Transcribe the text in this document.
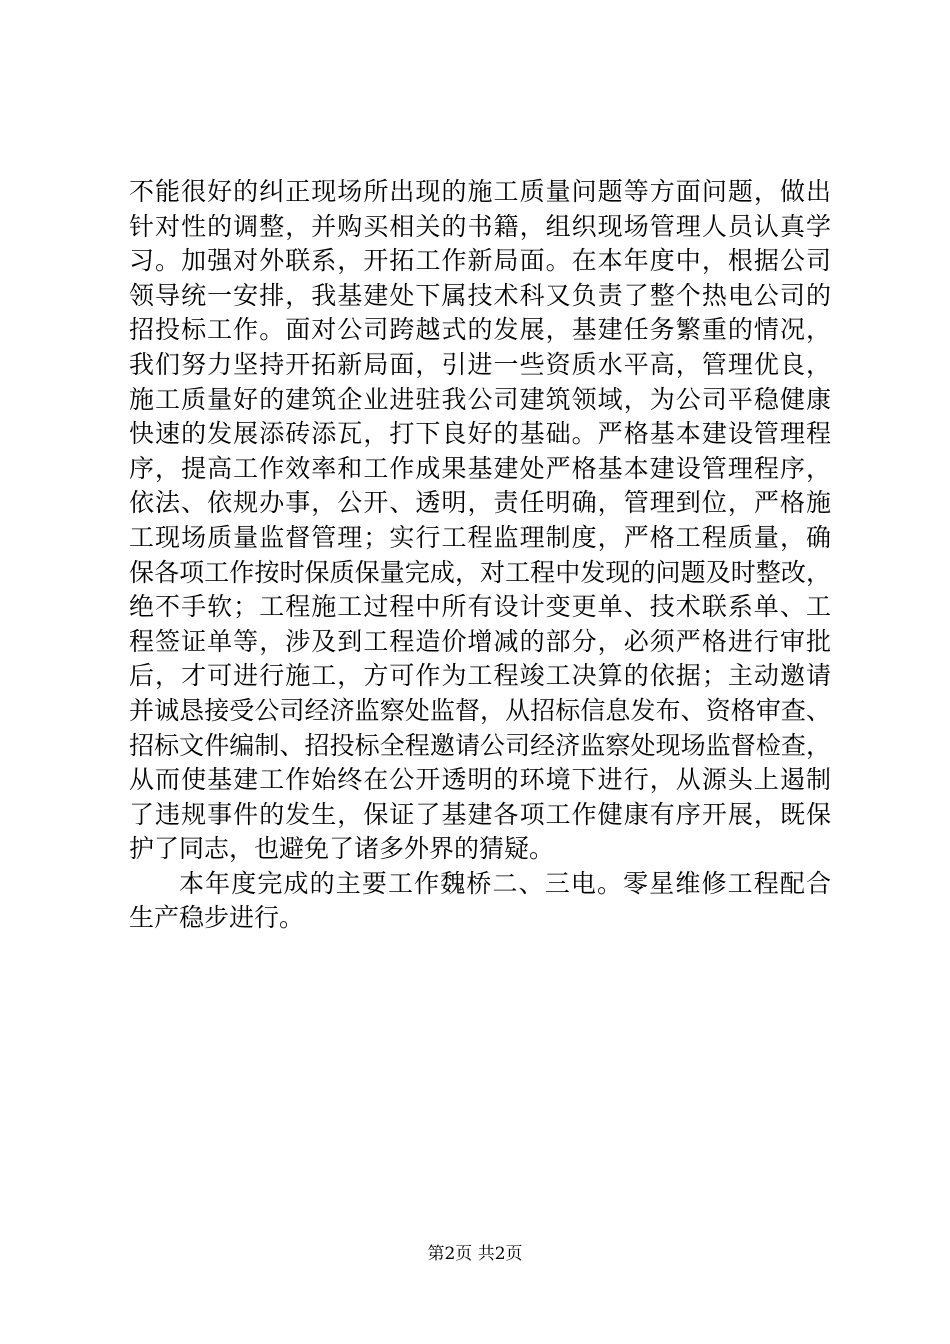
不能很好的纠正现场所出现的施工质量问题等方面问题，做出
针对性的调整，并购买相关的书籍，组织现场管理人员认真学
习。加强对外联系，开拓工作新局面。在本年度中，根据公司
领导统一安排，我基建处下属技术科又负责了整个热电公司的
招投标工作。面对公司跨越式的发展，基建任务繁重的情况，
我们努力坚持开拓新局面，引进一些资质水平高，管理优良，
施工质量好的建筑企业进驻我公司建筑领域，为公司平稳健康
快速的发展添砖添瓦，打下良好的基础。严格基本建设管理程
序，提高工作效率和工作成果基建处严格基本建设管理程序，
依法、依规办事，公开、透明，责任明确，管理到位，严格施
工现场质量监督管理；实行工程监理制度，严格工程质量，确
保各项工作按时保质保量完成，对工程中发现的问题及时整改，
绝不手软；工程施工过程中所有设计变更单、技术联系单、工
程签证单等，涉及到工程造价增减的部分，必须严格进行审批
后，才可进行施工，方可作为工程竣工决算的依据；主动邀请
并诚恳接受公司经济监察处监督，从招标信息发布、资格审查、
招标文件编制、招投标全程邀请公司经济监察处现场监督检查，
从而使基建工作始终在公开透明的环境下进行，从源头上遏制
了违规事件的发生，保证了基建各项工作健康有序开展，既保
护了同志，也避免了诸多外界的猜疑。
本年度完成的主要工作魏桥二、三电。零星维修工程配合
生产稳步进行。
第2页 共2页
